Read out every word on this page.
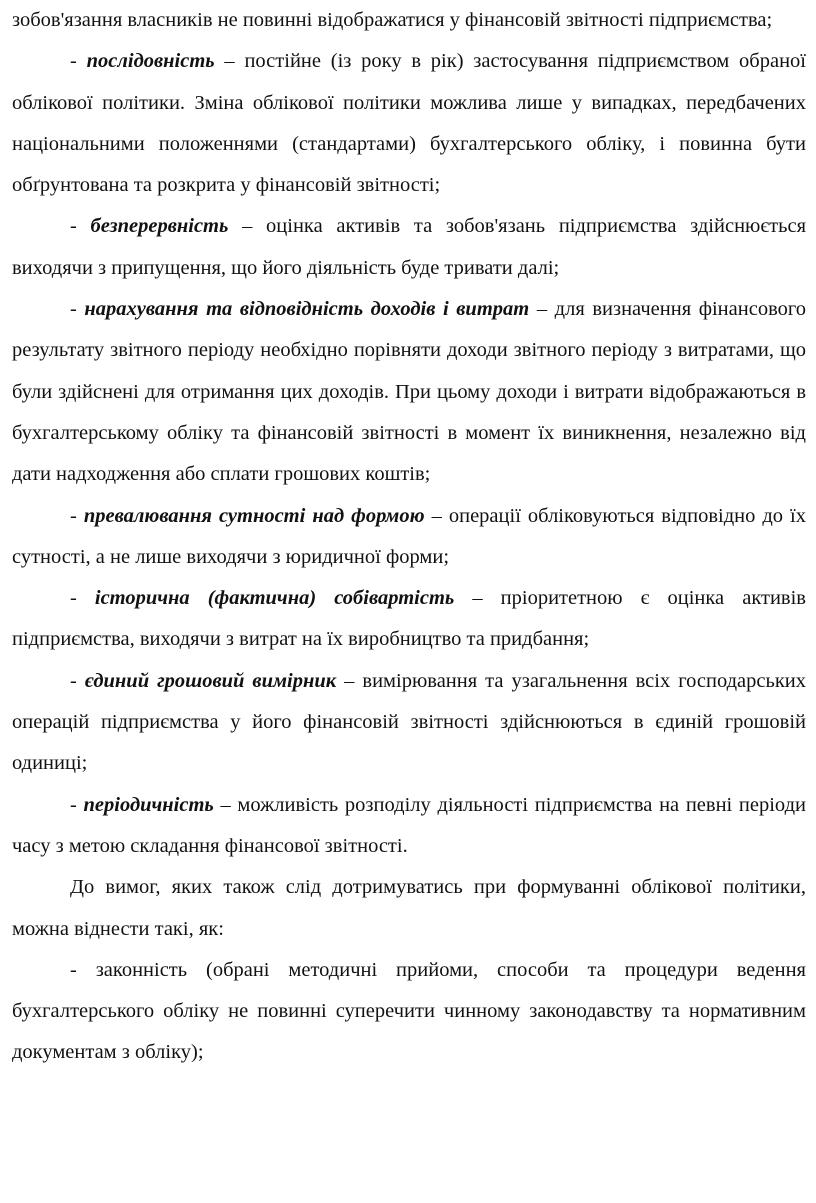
зобов'язання власників не повинні відображатися у фінансовій звітності підприємства;

- послідовність – постійне (із року в рік) застосування підприємством обраної облікової політики. Зміна облікової політики можлива лише у випадках, передбачених національними положеннями (стандартами) бухгалтерського обліку, і повинна бути обґрунтована та розкрита у фінансовій звітності;

- безперервність – оцінка активів та зобов'язань підприємства здійснюється виходячи з припущення, що його діяльність буде тривати далі;

- нарахування та відповідність доходів і витрат – для визначення фінансового результату звітного періоду необхідно порівняти доходи звітного періоду з витратами, що були здійснені для отримання цих доходів. При цьому доходи і витрати відображаються в бухгалтерському обліку та фінансовій звітності в момент їх виникнення, незалежно від дати надходження або сплати грошових коштів;

- превалювання сутності над формою – операції обліковуються відповідно до їх сутності, а не лише виходячи з юридичної форми;

- історична (фактична) собівартість – пріоритетною є оцінка активів підприємства, виходячи з витрат на їх виробництво та придбання;

- єдиний грошовий вимірник – вимірювання та узагальнення всіх господарських операцій підприємства у його фінансовій звітності здійснюються в єдиній грошовій одиниці;

- періодичність – можливість розподілу діяльності підприємства на певні періоди часу з метою складання фінансової звітності.

До вимог, яких також слід дотримуватись при формуванні облікової політики, можна віднести такі, як:

- законність (обрані методичні прийоми, способи та процедури ведення бухгалтерського обліку не повинні суперечити чинному законодавству та нормативним документам з обліку);
